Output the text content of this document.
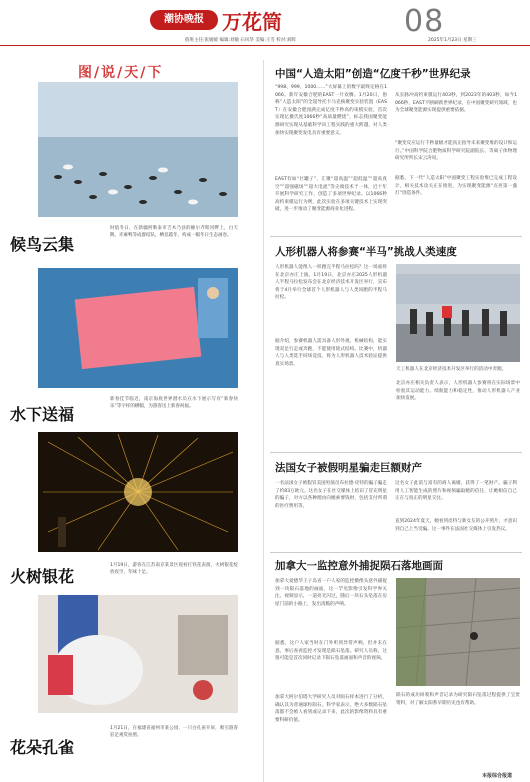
潮协晚报 万花筒	08
值班主任:张媛媛 编辑:刘敏 石风华 美编:王雪 校对:刘辉	2025年1月23日 星期三
图/说/天/下
候鸟云集
时值冬日，在新疆阿勒泰市吉木乃县的额尔齐斯河畔上，白天鹅、赤麻鸭等成群结队，栖息越冬，构成一幅冬日生态画卷。
水下送福
新春佳节临近，南京海底世界潜水员在水下展示写有“新春快乐”等字样的横幅，为游客送上新春祝福。
火树银花
1月19日，游客在江苏南京某景区观看打铁花表演，火树银花绽放夜空，年味十足。
花朵孔雀
1月21日，在福建省福州市某公园，一只白孔雀开屏，吸引游客驻足观赏拍照。
中国“人造太阳”创造“亿度千秒”世界纪录
“998、999、1000……”大屏幕上的数字最终定格在1066。新年安徽合肥的EAST一片欢腾。1月20日，俗称“人造太阳”的全超导托卡马克核聚变实验装置（EAST）在安徽合肥园满完成亿度千秒高约束模实验，首次实现亿摄氏度1066秒“高质量燃烧”，标志我国聚变能源研究实现从基础科学向工程实践的重大跨越，对人类加快实现聚变发电具有重要意义。
EAST有如“巨罐子”，汇聚“超高温”“超低温”“超高真空”“超强磁场”“超大电流”等尖端技术于一体，近十年开展科学研究工作，创造了多项世界纪录。以1066秒高约束模运行为例，此次实验在多项关键技术上实现突破，进一步推动了聚变能源商业化进程。
从长脉冲高约束模运行403秒，到2023年的403秒，如今1066秒，EAST不断刷新世界纪录，在中国聚变研究领域，也为全球聚变能源实现提供重要依据。
“聚变反应运行千秒量级才能真正指导未来聚变堆的设计和运行。”中国科学院合肥物质科学研究院副院长、等离子体物理研究所所长宋云涛说。
据悉，下一代“人造太阳”中国聚变工程实验堆已完成工程设计，相关技术攻关正在推进，为实现聚变能源“点亮第一盏灯”创造条件。
人形机器人将参赛“半马”挑战人类速度
人形机器人能像人一样跑完半程马拉松吗？这一场面将在北京亦庄上演。1月19日，北京亦庄2025人形机器人半程马拉松发布会在北京经济技术开发区举行，宣布将于4月举行全球首个人形机器人与人类同跑的半程马拉松。
据介绍，参赛机器人需具备人形外观、机械结构，能实现双足行走或奔跑，不能使用轮式结构。比赛中，机器人与人类选手同场竞技，将为人形机器人技术验证提供真实场景。
天工机器人在北京经济技术开发区举行的活动中奔跑。
北京亦庄相关负责人表示，人形机器人参赛将在实际场景中检验其运动能力、续航能力和稳定性，推动人形机器人产业加快发展。
法国女子被假明星骗走巨额财产
一名法国女子被假冒美国男演员布拉德·皮特的骗子骗走了约83万欧元。这名女子在社交媒体上结识了冒充明星的骗子，对方以各种理由向她索要钱财，包括支付所谓的医疗费用等。
这名女子此前与富有的商人离婚，获得了一笔财产。骗子利用人工智能生成的照片和视频骗取她的信任，让她相信自己正在与真正的明星交往。
直到2024年夏天，她看到皮特与新女友的公开照片，才意识到自己上当受骗。这一事件在法国社交媒体上引发热议。
加拿大一监控意外捕捉陨石落地画面
加拿大爱德华王子岛省一户人家的监控摄像头意外捕捉到一块陨石落地的画面，这一罕见影像引发科学界关注。视频显示，一道亮光闪过，随后一块石头坠落在房屋门前的小路上，发出清脆的声响。
据悉，这户人家当时在门外听到异常声响，但并未在意。事后查看监控才发现是陨石坠落。研究人员称，这很可能是首次同时记录下陨石坠落画面和声音的视频。
加拿大阿尔伯塔大学研究人员对陨石样本进行了分析，确认其为普通球粒陨石。科学家表示，绝大多数陨石坠落都不会被人看到或记录下来，此次的影像资料具有重要科研价值。
陨石的成功回收和声音记录为研究陨石坠落过程提供了宝贵资料，对了解太阳系早期历史也有帮助。
本报综合报道
